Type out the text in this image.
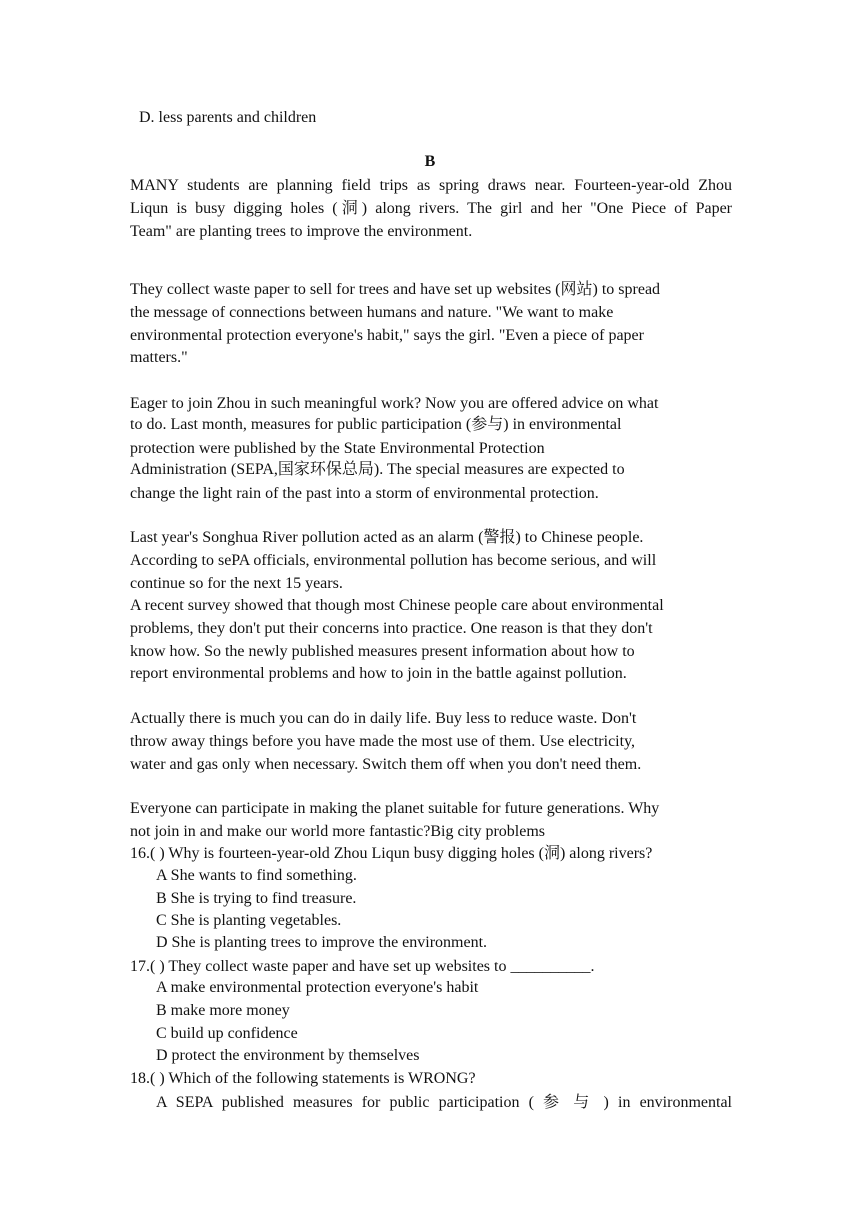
D. less parents and children
B
MANY students are planning field trips as spring draws near. Fourteen-year-old Zhou
Liqun is busy digging holes (洞) along rivers. The girl and her "One Piece of Paper
Team" are planting trees to improve the environment.
They collect waste paper to sell for trees and have set up websites (网站) to spread
the message of connections between humans and nature. "We want to make
environmental protection everyone's habit," says the girl. "Even a piece of paper
matters."
Eager to join Zhou in such meaningful work? Now you are offered advice on what
to do. Last month, measures for public participation (参与) in environmental
protection were published by the State Environmental Protection
Administration (SEPA,国家环保总局). The special measures are expected to
change the light rain of the past into a storm of environmental protection.
Last year's Songhua River pollution acted as an alarm (警报) to Chinese people.
According to sePA officials, environmental pollution has become serious, and will
continue so for the next 15 years.
A recent survey showed that though most Chinese people care about environmental
problems, they don't put their concerns into practice. One reason is that they don't
know how. So the newly published measures present information about how to
report environmental problems and how to join in the battle against pollution.
Actually there is much you can do in daily life. Buy less to reduce waste. Don't
throw away things before you have made the most use of them. Use electricity,
water and gas only when necessary. Switch them off when you don't need them.
Everyone can participate in making the planet suitable for future generations. Why
not join in and make our world more fantastic?Big city problems
16.( ) Why is fourteen-year-old Zhou Liqun busy digging holes (洞) along rivers?
A She wants to find something.
B She is trying to find treasure.
C She is planting vegetables.
D She is planting trees to improve the environment.
17.( ) They collect waste paper and have set up websites to __________.
A make environmental protection everyone's habit
B make more money
C build up confidence
D protect the environment by themselves
18.( ) Which of the following statements is WRONG?
A SEPA published measures for public participation ( 参 与 ) in environmental
